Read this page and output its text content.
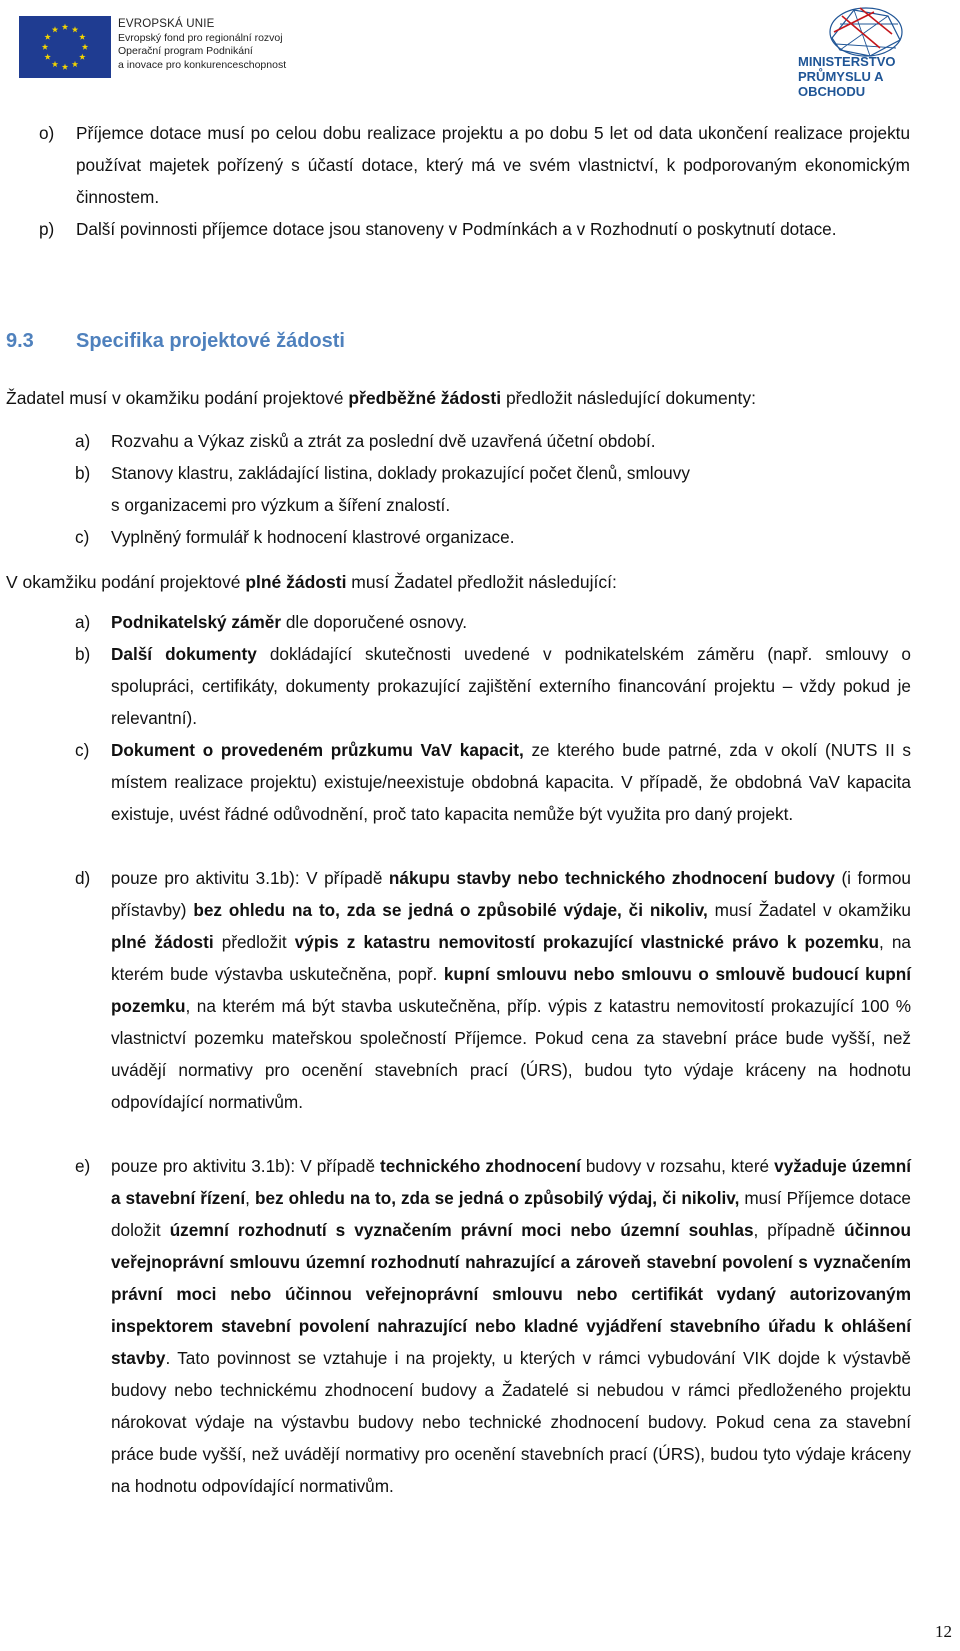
EVROPSKÁ UNIE
Evropský fond pro regionální rozvoj
Operační program Podnikání
a inovace pro konkurenceschopnost	MINISTERSTVO
PRŮMYSLU A OBCHODU
o) Příjemce dotace musí po celou dobu realizace projektu a po dobu 5 let od data ukončení realizace projektu používat majetek pořízený s účastí dotace, který má ve svém vlastnictví, k podporovaným ekonomickým činnostem.
p) Další povinnosti příjemce dotace jsou stanoveny v Podmínkách a v Rozhodnutí o poskytnutí dotace.
9.3 Specifika projektové žádosti
Žadatel musí v okamžiku podání projektové předběžné žádosti předložit následující dokumenty:
a) Rozvahu a Výkaz zisků a ztrát za poslední dvě uzavřená účetní období.
b) Stanovy klastru, zakládající listina, doklady prokazující počet členů, smlouvy
s organizacemi pro výzkum a šíření znalostí.
c) Vyplněný formulář k hodnocení klastrové organizace.
V okamžiku podání projektové plné žádosti musí Žadatel předložit následující:
a) Podnikatelský záměr dle doporučené osnovy.
b) Další dokumenty dokládající skutečnosti uvedené v podnikatelském záměru (např. smlouvy o spolupráci, certifikáty, dokumenty prokazující zajištění externího financování projektu – vždy pokud je relevantní).
c) Dokument o provedeném průzkumu VaV kapacit, ze kterého bude patrné, zda v okolí (NUTS II s místem realizace projektu) existuje/neexistuje obdobná kapacita. V případě, že obdobná VaV kapacita existuje, uvést řádné odůvodnění, proč tato kapacita nemůže být využita pro daný projekt.
d) pouze pro aktivitu 3.1b): V případě nákupu stavby nebo technického zhodnocení budovy (i formou přístavby) bez ohledu na to, zda se jedná o způsobilé výdaje, či nikoliv, musí Žadatel v okamžiku plné žádosti předložit výpis z katastru nemovitostí prokazující vlastnické právo k pozemku, na kterém bude výstavba uskutečněna, popř. kupní smlouvu nebo smlouvu o smlouvě budoucí kupní pozemku, na kterém má být stavba uskutečněna, příp. výpis z katastru nemovitostí prokazující 100 % vlastnictví pozemku mateřskou společností Příjemce. Pokud cena za stavební práce bude vyšší, než uvádějí normativy pro ocenění stavebních prací (ÚRS), budou tyto výdaje kráceny na hodnotu odpovídající normativům.
e) pouze pro aktivitu 3.1b): V případě technického zhodnocení budovy v rozsahu, které vyžaduje územní a stavební řízení, bez ohledu na to, zda se jedná o způsobilý výdaj, či nikoliv, musí Příjemce dotace doložit územní rozhodnutí s vyznačením právní moci nebo územní souhlas, případně účinnou veřejnoprávní smlouvu územní rozhodnutí nahrazující a zároveň stavební povolení s vyznačením právní moci nebo účinnou veřejnoprávní smlouvu nebo certifikát vydaný autorizovaným inspektorem stavební povolení nahrazující nebo kladné vyjádření stavebního úřadu k ohlášení stavby. Tato povinnost se vztahuje i na projekty, u kterých v rámci vybudování VIK dojde k výstavbě budovy nebo technickému zhodnocení budovy a Žadatelé si nebudou v rámci předloženého projektu nárokovat výdaje na výstavbu budovy nebo technické zhodnocení budovy. Pokud cena za stavební práce bude vyšší, než uvádějí normativy pro ocenění stavebních prací (ÚRS), budou tyto výdaje kráceny na hodnotu odpovídající normativům.
12
